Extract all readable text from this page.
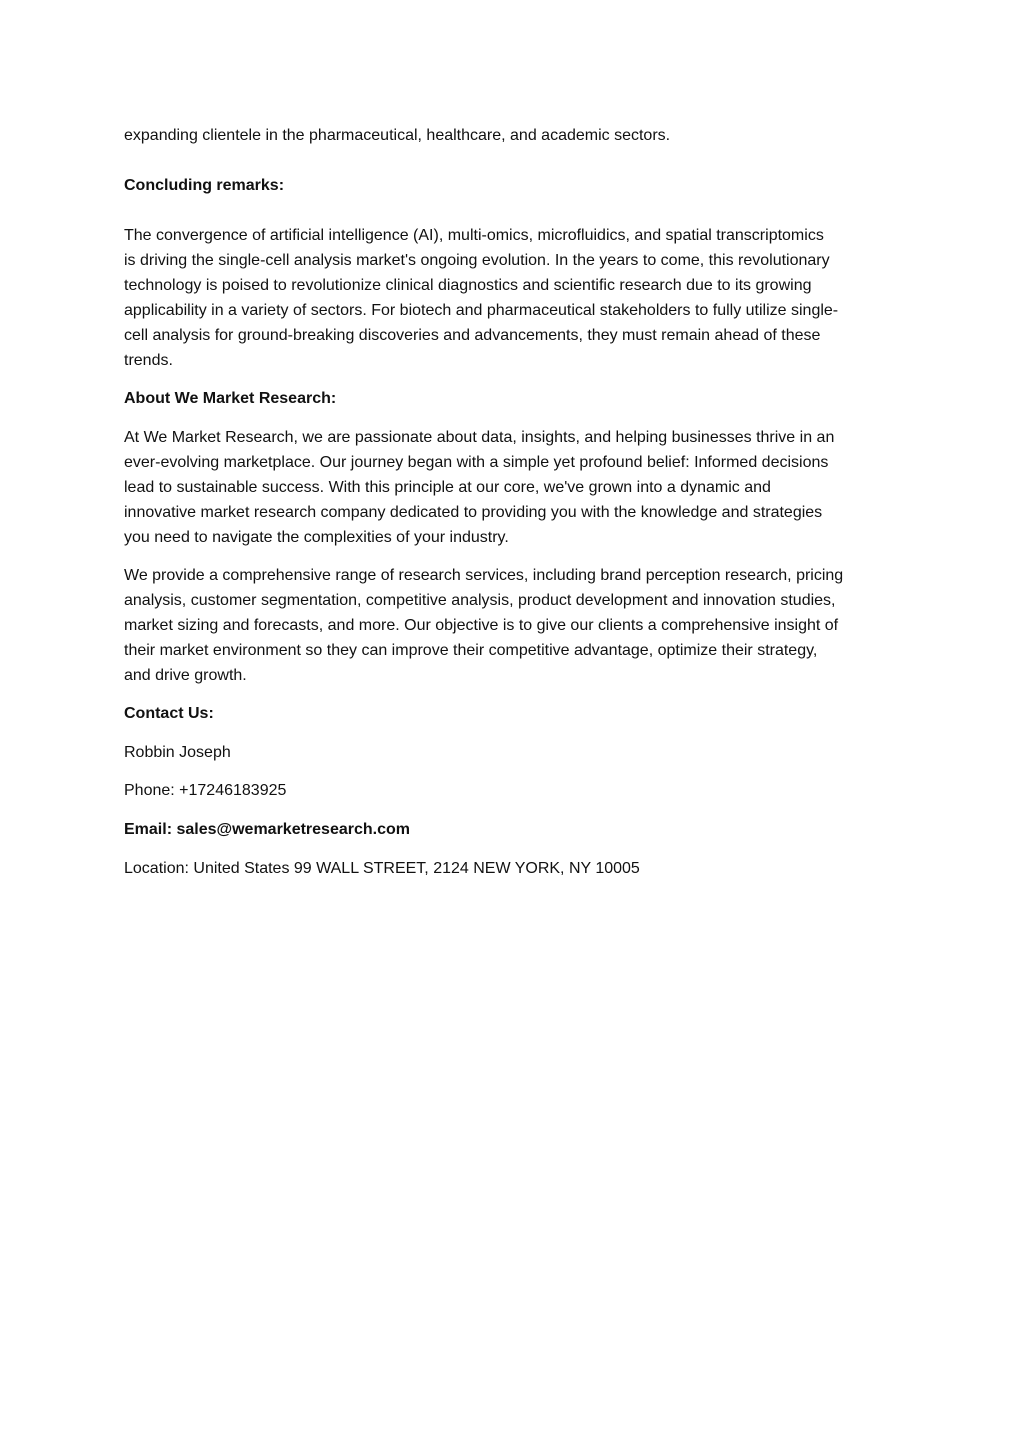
expanding clientele in the pharmaceutical, healthcare, and academic sectors.
Concluding remarks:
The convergence of artificial intelligence (AI), multi-omics, microfluidics, and spatial transcriptomics
is driving the single-cell analysis market's ongoing evolution. In the years to come, this revolutionary
technology is poised to revolutionize clinical diagnostics and scientific research due to its growing
applicability in a variety of sectors. For biotech and pharmaceutical stakeholders to fully utilize single-
cell analysis for ground-breaking discoveries and advancements, they must remain ahead of these
trends.
About We Market Research:
At We Market Research, we are passionate about data, insights, and helping businesses thrive in an
ever-evolving marketplace. Our journey began with a simple yet profound belief: Informed decisions
lead to sustainable success. With this principle at our core, we've grown into a dynamic and
innovative market research company dedicated to providing you with the knowledge and strategies
you need to navigate the complexities of your industry.
We provide a comprehensive range of research services, including brand perception research, pricing
analysis, customer segmentation, competitive analysis, product development and innovation studies,
market sizing and forecasts, and more. Our objective is to give our clients a comprehensive insight of
their market environment so they can improve their competitive advantage, optimize their strategy,
and drive growth.
Contact Us:
Robbin Joseph
Phone: +17246183925
Email: sales@wemarketresearch.com
Location: United States 99 WALL STREET, 2124 NEW YORK, NY 10005
